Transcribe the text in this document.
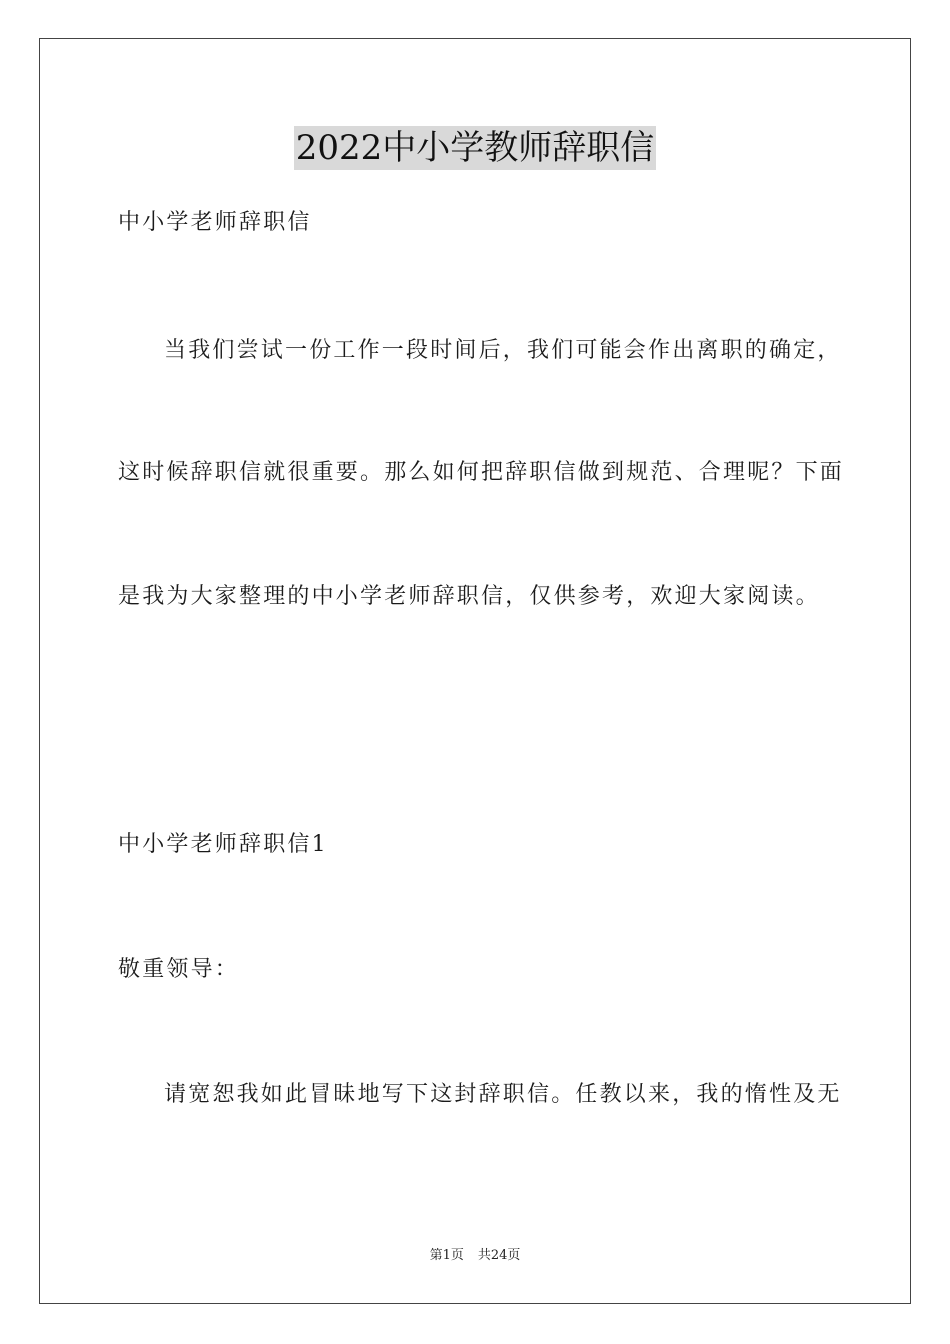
2022中小学教师辞职信
中小学老师辞职信
当我们尝试一份工作一段时间后，我们可能会作出离职的确定，
这时候辞职信就很重要。那么如何把辞职信做到规范、合理呢？下面
是我为大家整理的中小学老师辞职信，仅供参考，欢迎大家阅读。
中小学老师辞职信1
敬重领导：
请宽恕我如此冒昧地写下这封辞职信。任教以来，我的惰性及无
第1页 共24页
